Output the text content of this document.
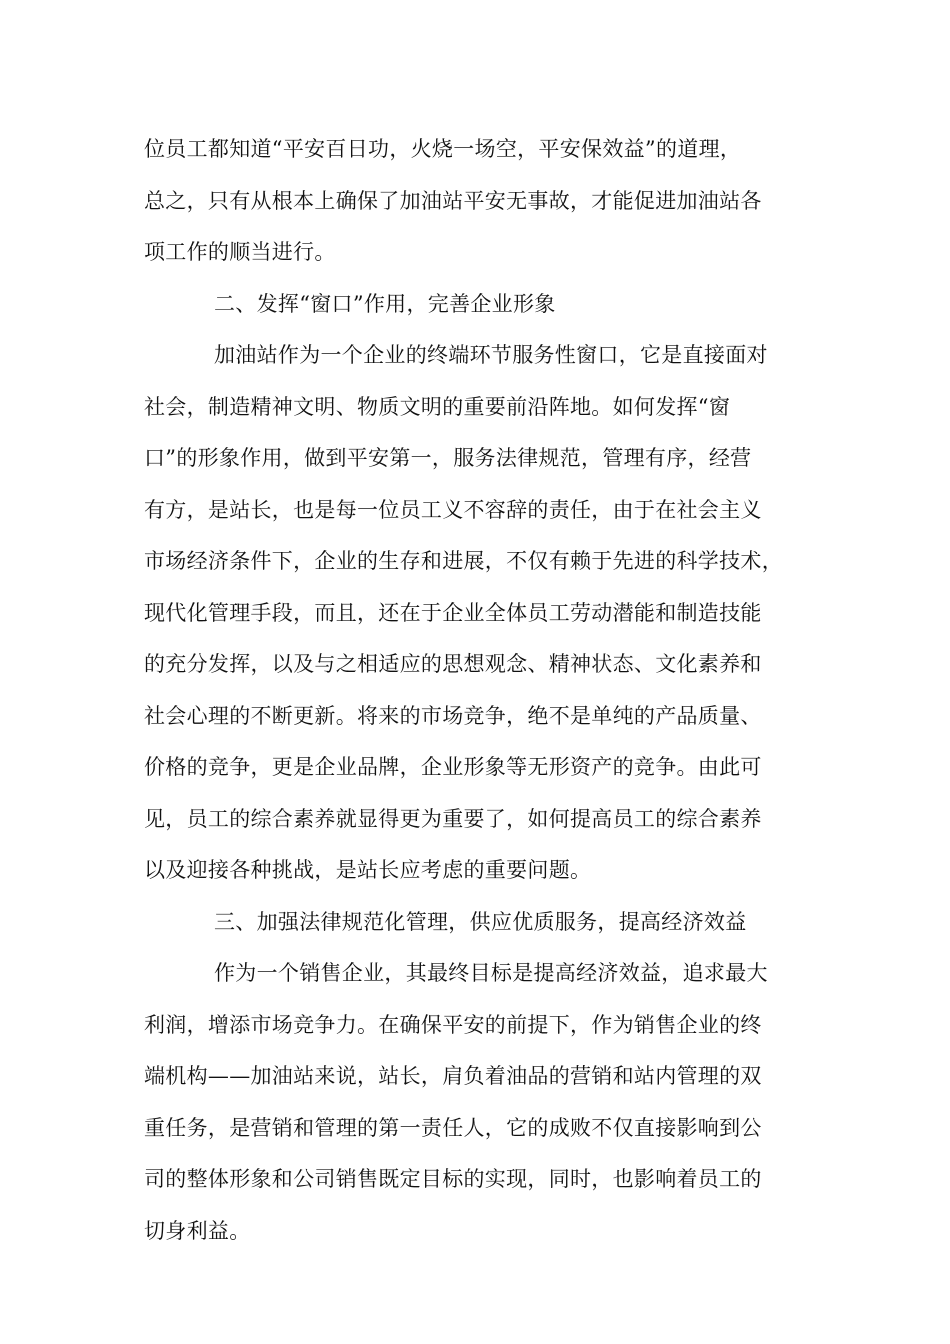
位员工都知道“平安百日功，火烧一场空，平安保效益”的道理，
总之，只有从根本上确保了加油站平安无事故，才能促进加油站各
项工作的顺当进行。
二、发挥“窗口”作用，完善企业形象
加油站作为一个企业的终端环节服务性窗口，它是直接面对
社会，制造精神文明、物质文明的重要前沿阵地。如何发挥“窗
口”的形象作用，做到平安第一，服务法律规范，管理有序，经营
有方，是站长，也是每一位员工义不容辞的责任，由于在社会主义
市场经济条件下，企业的生存和进展，不仅有赖于先进的科学技术，
现代化管理手段，而且，还在于企业全体员工劳动潜能和制造技能
的充分发挥，以及与之相适应的思想观念、精神状态、文化素养和
社会心理的不断更新。将来的市场竞争，绝不是单纯的产品质量、
价格的竞争，更是企业品牌，企业形象等无形资产的竞争。由此可
见，员工的综合素养就显得更为重要了，如何提高员工的综合素养
以及迎接各种挑战，是站长应考虑的重要问题。
三、加强法律规范化管理，供应优质服务，提高经济效益
作为一个销售企业，其最终目标是提高经济效益，追求最大
利润，增添市场竞争力。在确保平安的前提下，作为销售企业的终
端机构——加油站来说，站长，肩负着油品的营销和站内管理的双
重任务，是营销和管理的第一责任人，它的成败不仅直接影响到公
司的整体形象和公司销售既定目标的实现，同时，也影响着员工的
切身利益。
